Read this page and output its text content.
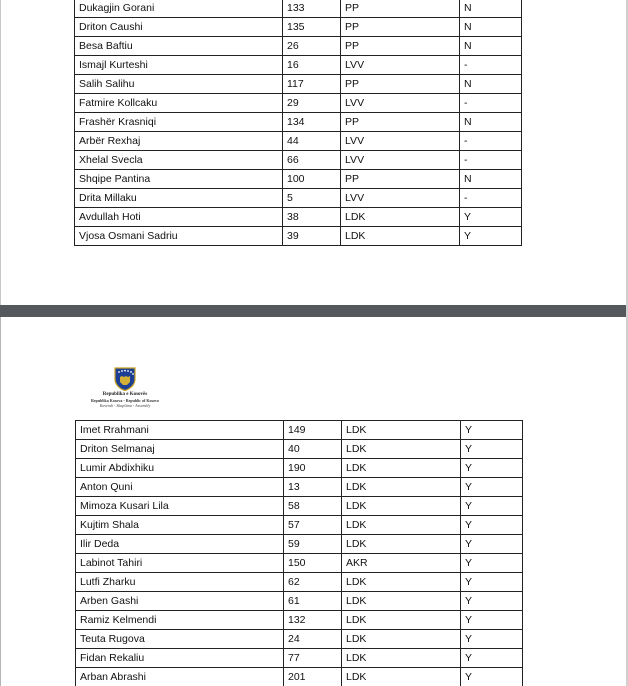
Dukagjin Gorani	133	PP	N
Driton Caushi	135	PP	N
Besa Baftiu	26	PP	N
Ismajl Kurteshi	16	LVV	-
Salih Salihu	117	PP	N
Fatmire Kollcaku	29	LVV	-
Frashër Krasniqi	134	PP	N
Arbër Rexhaj	44	LVV	-
Xhelal Svecla	66	LVV	-
Shqipe Pantina	100	PP	N
Drita Millaku	5	LVV	-
Avdullah Hoti	38	LDK	Y
Vjosa Osmani Sadriu	39	LDK	Y
Republika e Kosovës
Republika Kosova - Republic of Kosovo
Kuvendi - Skupština - Assembly
Imet Rrahmani	149	LDK	Y
Driton Selmanaj	40	LDK	Y
Lumir Abdixhiku	190	LDK	Y
Anton Quni	13	LDK	Y
Mimoza Kusari Lila	58	LDK	Y
Kujtim Shala	57	LDK	Y
Ilir Deda	59	LDK	Y
Labinot Tahiri	150	AKR	Y
Lutfi Zharku	62	LDK	Y
Arben Gashi	61	LDK	Y
Ramiz Kelmendi	132	LDK	Y
Teuta Rugova	24	LDK	Y
Fidan Rekaliu	77	LDK	Y
Arban Abrashi	201	LDK	Y
